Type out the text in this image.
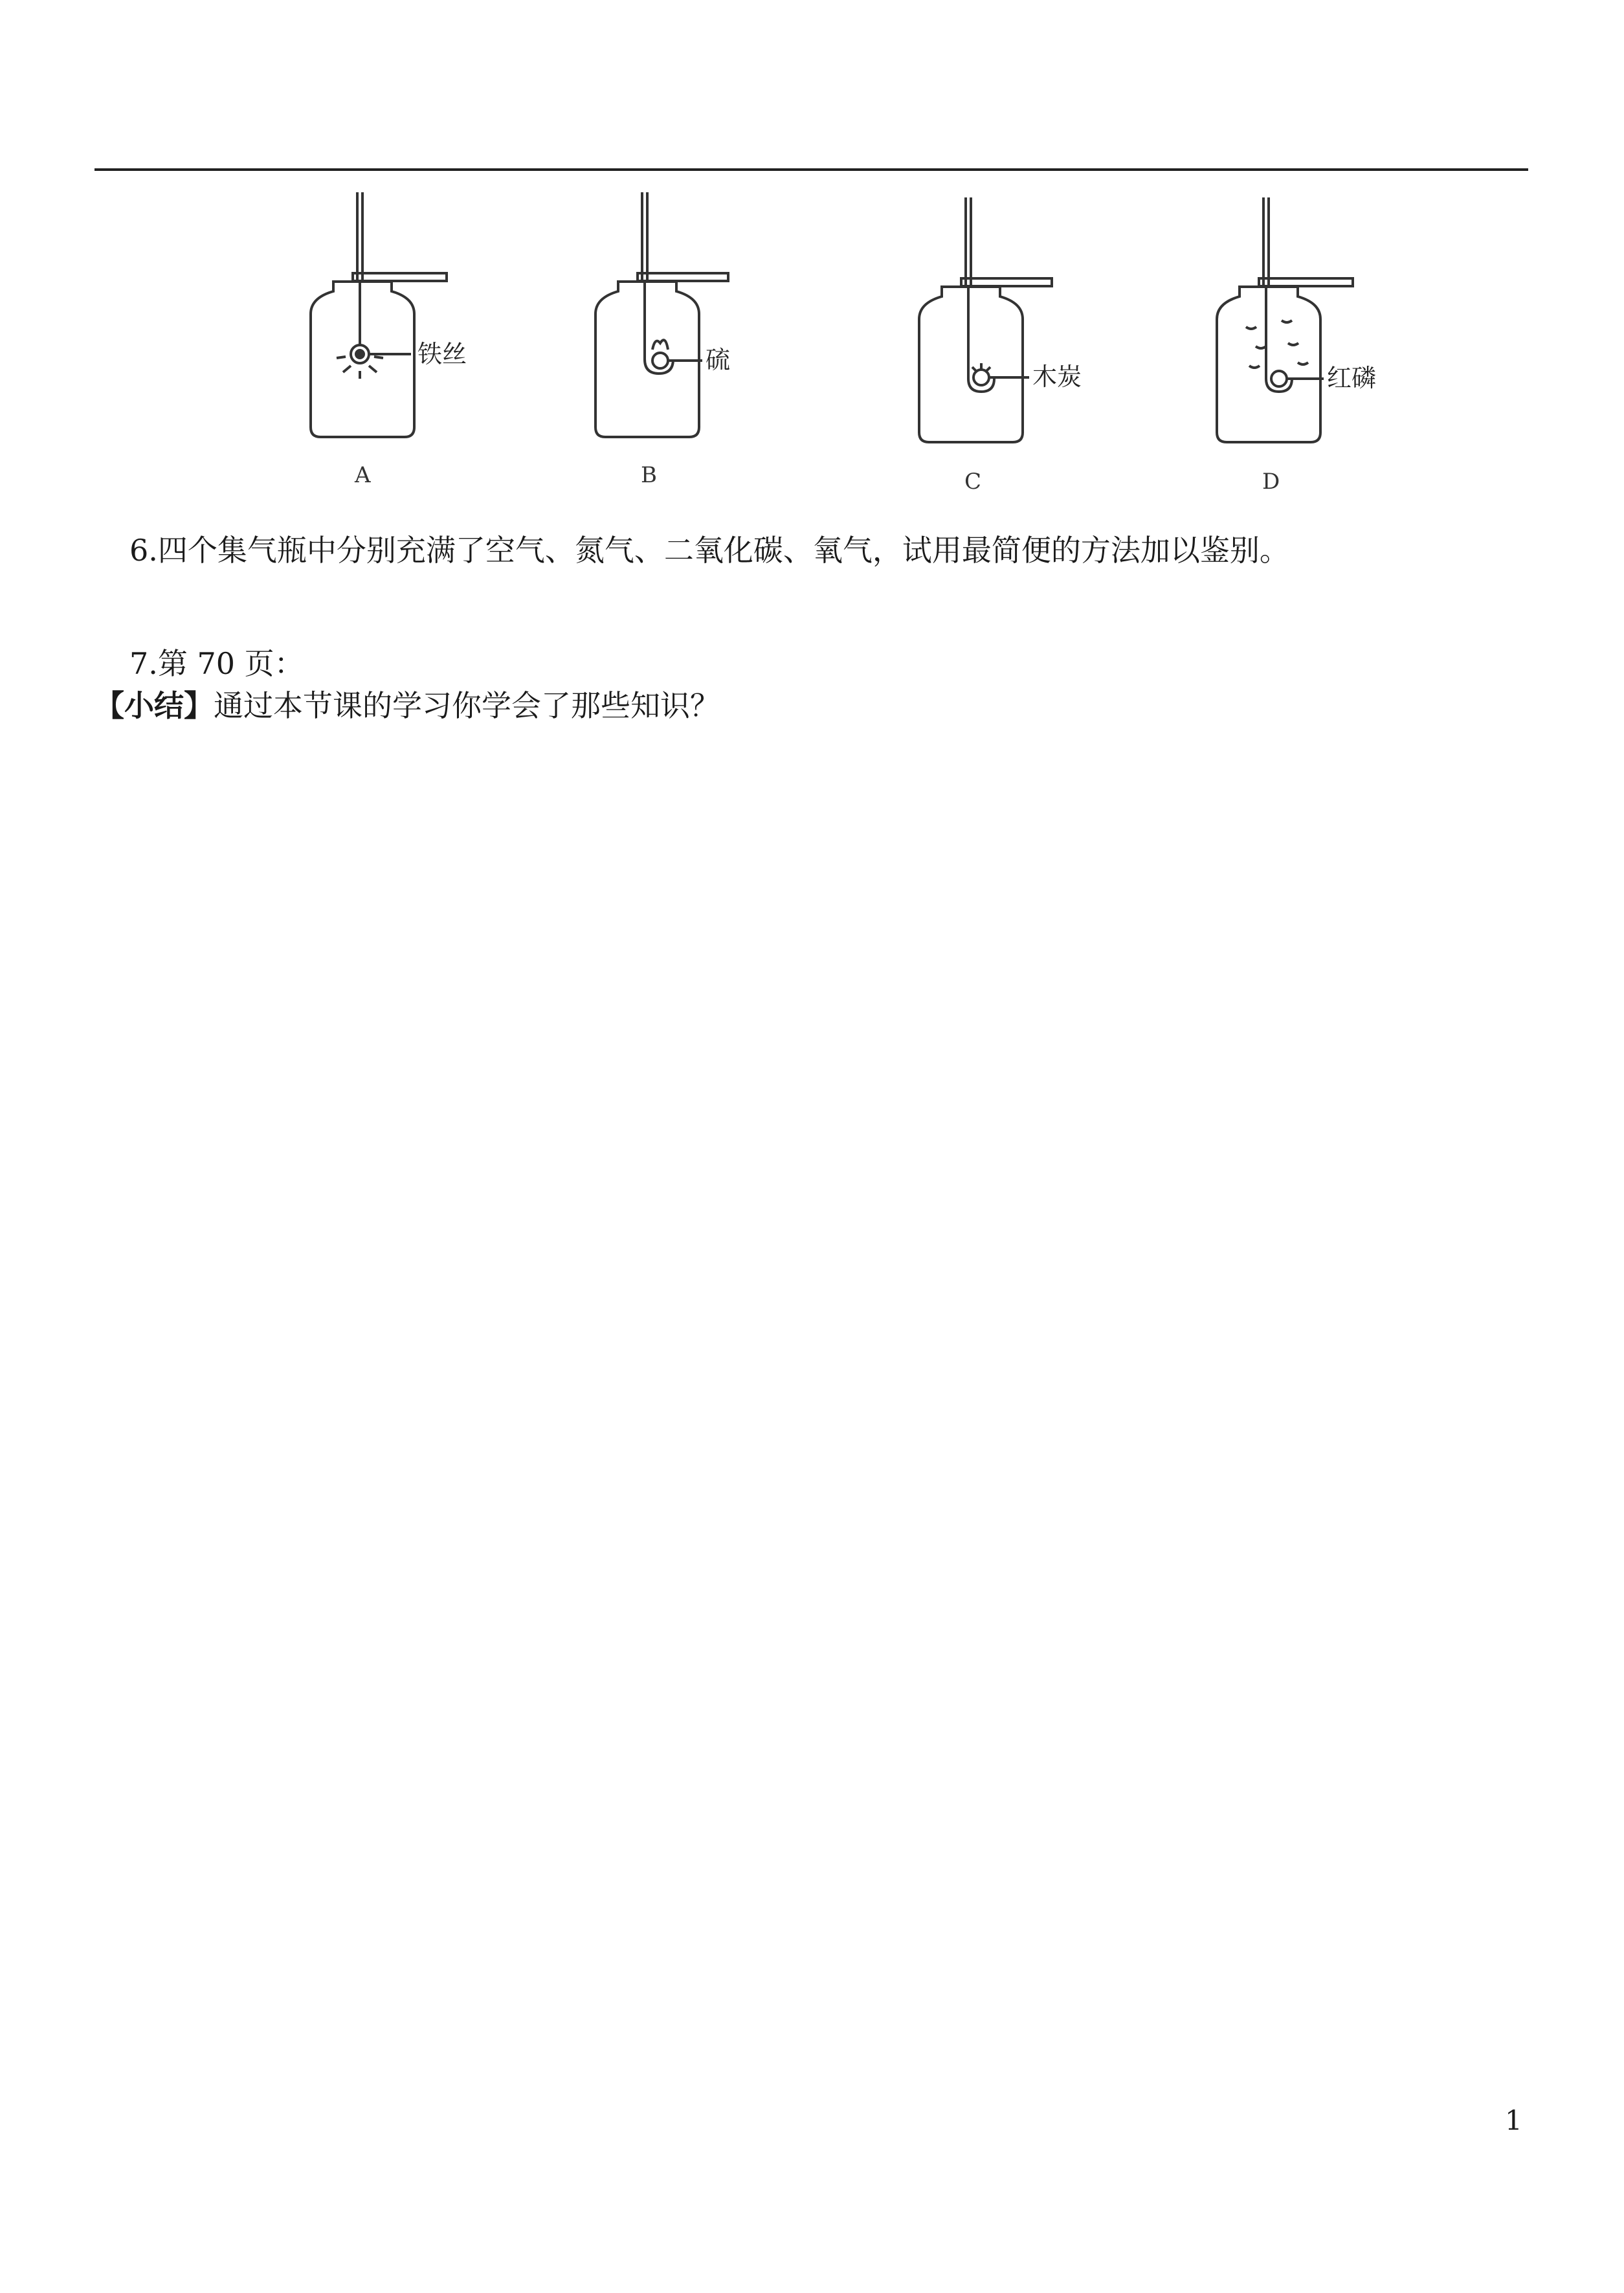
铁丝	硫
木炭	红磷
A	B	C	D
6.四个集气瓶中分别充满了空气、氮气、二氧化碳、氧气，试用最简便的方法加以鉴别。
7.第 70 页：
【小结】通过本节课的学习你学会了那些知识？
1
